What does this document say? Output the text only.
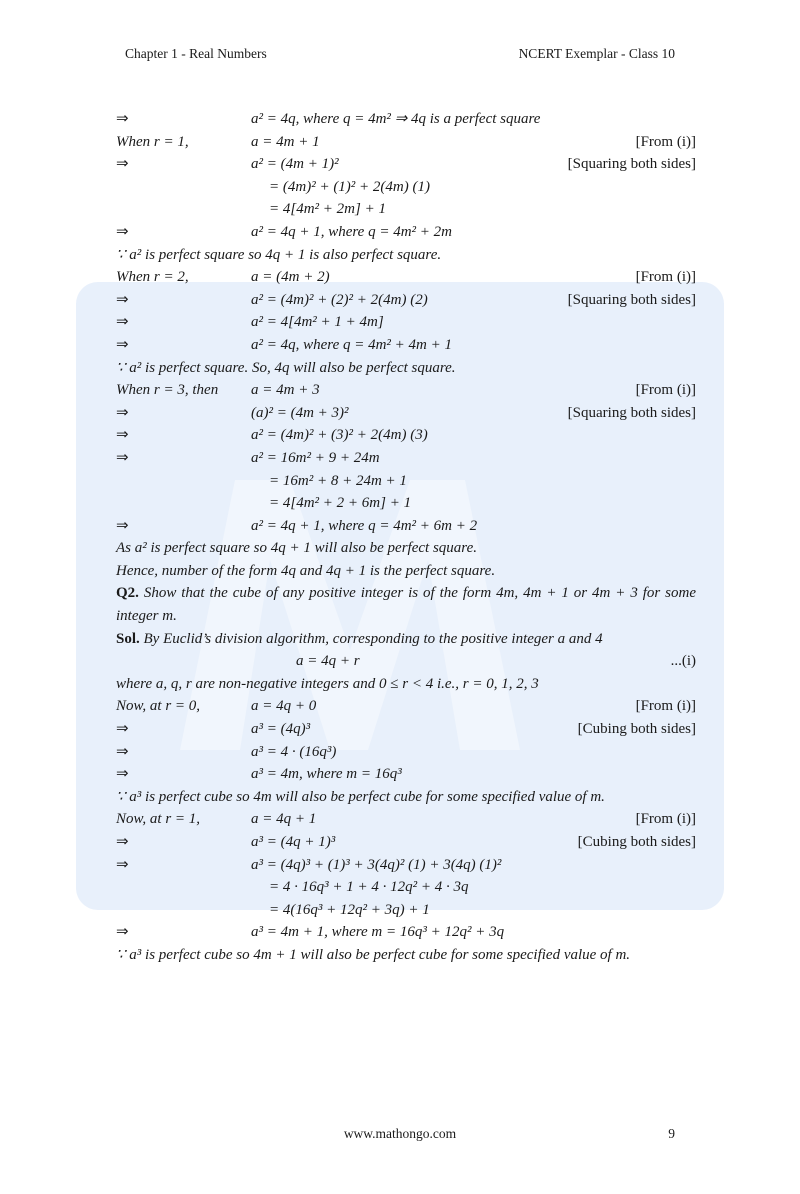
Chapter 1 - Real Numbers	NCERT Exemplar - Class 10
⇒	a² = 4q, where q = 4m² ⇒ 4q is a perfect square
When r = 1,	a = 4m + 1	[From (i)]
⇒	a² = (4m + 1)²	[Squaring both sides]
= (4m)² + (1)² + 2(4m) (1)
= 4[4m² + 2m] + 1
⇒	a² = 4q + 1, where q = 4m² + 2m
∵ a² is perfect square so 4q + 1 is also perfect square.
When r = 2,	a = (4m + 2)	[From (i)]
⇒	a² = (4m)² + (2)² + 2(4m) (2)	[Squaring both sides]
⇒	a² = 4[4m² + 1 + 4m]
⇒	a² = 4q, where q = 4m² + 4m + 1
∵ a² is perfect square. So, 4q will also be perfect square.
When r = 3, then	a = 4m + 3	[From (i)]
⇒	(a)² = (4m + 3)²	[Squaring both sides]
⇒	a² = (4m)² + (3)² + 2(4m) (3)
⇒	a² = 16m² + 9 + 24m
= 16m² + 8 + 24m + 1
= 4[4m² + 2 + 6m] + 1
⇒	a² = 4q + 1, where q = 4m² + 6m + 2
As a² is perfect square so 4q + 1 will also be perfect square.
Hence, number of the form 4q and 4q + 1 is the perfect square.
Q2. Show that the cube of any positive integer is of the form 4m, 4m + 1 or 4m + 3 for some integer m.
Sol. By Euclid’s division algorithm, corresponding to the positive integer a and 4
a = 4q + r	...(i)
where a, q, r are non-negative integers and 0 ≤ r < 4 i.e., r = 0, 1, 2, 3
Now, at r = 0,	a = 4q + 0	[From (i)]
⇒	a³ = (4q)³	[Cubing both sides]
⇒	a³ = 4 · (16q³)
⇒	a³ = 4m, where m = 16q³
∵ a³ is perfect cube so 4m will also be perfect cube for some specified value of m.
Now, at r = 1,	a = 4q + 1	[From (i)]
⇒	a³ = (4q + 1)³	[Cubing both sides]
⇒	a³ = (4q)³ + (1)³ + 3(4q)² (1) + 3(4q) (1)²
= 4 · 16q³ + 1 + 4 · 12q² + 4 · 3q
= 4(16q³ + 12q² + 3q) + 1
⇒	a³ = 4m + 1, where m = 16q³ + 12q² + 3q
∵ a³ is perfect cube so 4m + 1 will also be perfect cube for some specified value of m.
www.mathongo.com	9
